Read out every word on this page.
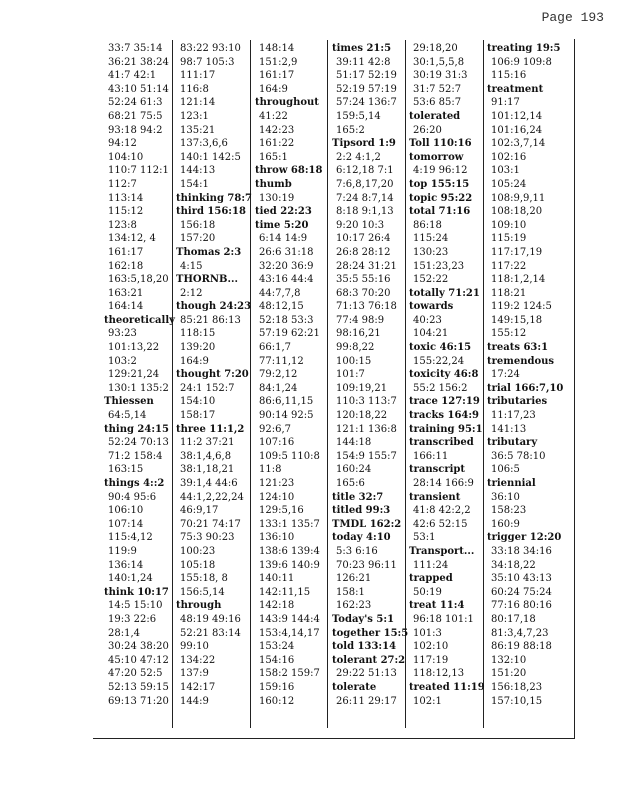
Page 193
33:7 35:14
36:21 38:24
41:7 42:1
43:10 51:14
52:24 61:3
68:21 75:5
93:18 94:2
94:12
104:10
110:7 112:1
112:7
113:14
115:12
123:8
134:12, 4
161:17
162:18
163:5,18,20
163:21
164:14
theoretically
93:23
101:13,22
103:2
129:21,24
130:1 135:2
Thiessen
64:5,14
thing 24:15
52:24 70:13
71:2 158:4
163:15
things 4::2
90:4 95:6
106:10
107:14
115:4,12
119:9
136:14
140:1,24
think 10:17
14:5 15:10
19:3 22:6
28:1,4
30:24 38:20
45:10 47:12
47:20 52:5
52:13 59:15
69:13 71:20
83:22 93:10
98:7 105:3
111:17
116:8
121:14
123:1
135:21
137:3,6,6
140:1 142:5
144:13
154:1
thinking 78:7
third 156:18
156:18
157:20
Thomas 2:3
4:15
THORNB...
2:12
though 24:23
85:21 86:13
118:15
139:20
164:9
thought 7:20
24:1 152:7
154:10
158:17
three 11:1,2
11:2 37:21
38:1,4,6,8
38:1,18,21
39:1,4 44:6
44:1,2,22,24
46:9,17
70:21 74:17
75:3 90:23
100:23
105:18
155:18, 8
156:5,14
through
48:19 49:16
52:21 83:14
99:10
134:22
137:9
142:17
144:9
148:14
151:2,9
161:17
164:9
throughout
41:22
142:23
161:22
165:1
throw 68:18
thumb
130:19
tied 22:23
time 5:20
6:14 14:9
26:6 31:18
32:20 36:9
43:16 44:4
44:7,7,8
48:12,15
52:18 53:3
57:19 62:21
66:1,7
77:11,12
79:2,12
84:1,24
86:6,11,15
90:14 92:5
92:6,7
107:16
109:5 110:8
11:8
121:23
124:10
129:5,16
133:1 135:7
136:10
138:6 139:4
139:6 140:9
140:11
142:11,15
142:18
143:9 144:4
153:4,14,17
153:24
154:16
158:2 159:7
159:16
160:12
times 21:5
39:11 42:8
51:17 52:19
52:19 57:19
57:24 136:7
159:5,14
165:2
Tipsord 1:9
2:2 4:1,2
6:12,18 7:1
7:6,8,17,20
7:24 8:7,14
8:18 9:1,13
9:20 10:3
10:17 26:4
26:8 28:12
28:24 31:21
35:5 55:16
68:3 70:20
71:13 76:18
77:4 98:9
98:16,21
99:8,22
100:15
101:7
109:19,21
110:3 113:7
120:18,22
121:1 136:8
144:18
154:9 155:7
160:24
165:6
title 32:7
titled 99:3
TMDL 162:2
today 4:10
5:3 6:16
70:23 96:11
126:21
158:1
162:23
Today's 5:1
together 15:5
told 133:14
tolerant 27:2
29:22 51:13
tolerate
26:11 29:17
29:18,20
30:1,5,5,8
30:19 31:3
31:7 52:7
53:6 85:7
tolerated
26:20
Toll 110:16
tomorrow
4:19 96:12
top 155:15
topic 95:22
total 71:16
86:18
115:24
130:23
151:23,23
152:22
totally 71:21
towards
40:23
104:21
toxic 46:15
155:22,24
toxicity 46:8
55:2 156:2
trace 127:19
tracks 164:9
training 95:1
transcribed
166:11
transcript
28:14 166:9
transient
41:8 42:2,2
42:6 52:15
53:1
Transport...
111:24
trapped
50:19
treat 11:4
96:18 101:1
101:3
102:10
117:19
118:12,13
treated 11:19
102:1
treating 19:5
106:9 109:8
115:16
treatment
91:17
101:12,14
101:16,24
102:3,7,14
102:16
103:1
105:24
108:9,9,11
108:18,20
109:10
115:19
117:17,19
117:22
118:1,2,14
118:21
119:2 124:5
149:15,18
155:12
treats 63:1
tremendous
17:24
trial 166:7,10
tributaries
11:17,23
141:13
tributary
36:5 78:10
106:5
triennial
36:10
158:23
160:9
trigger 12:20
33:18 34:16
34:18,22
35:10 43:13
60:24 75:24
77:16 80:16
80:17,18
81:3,4,7,23
86:19 88:18
132:10
151:20
156:18,23
157:10,15
